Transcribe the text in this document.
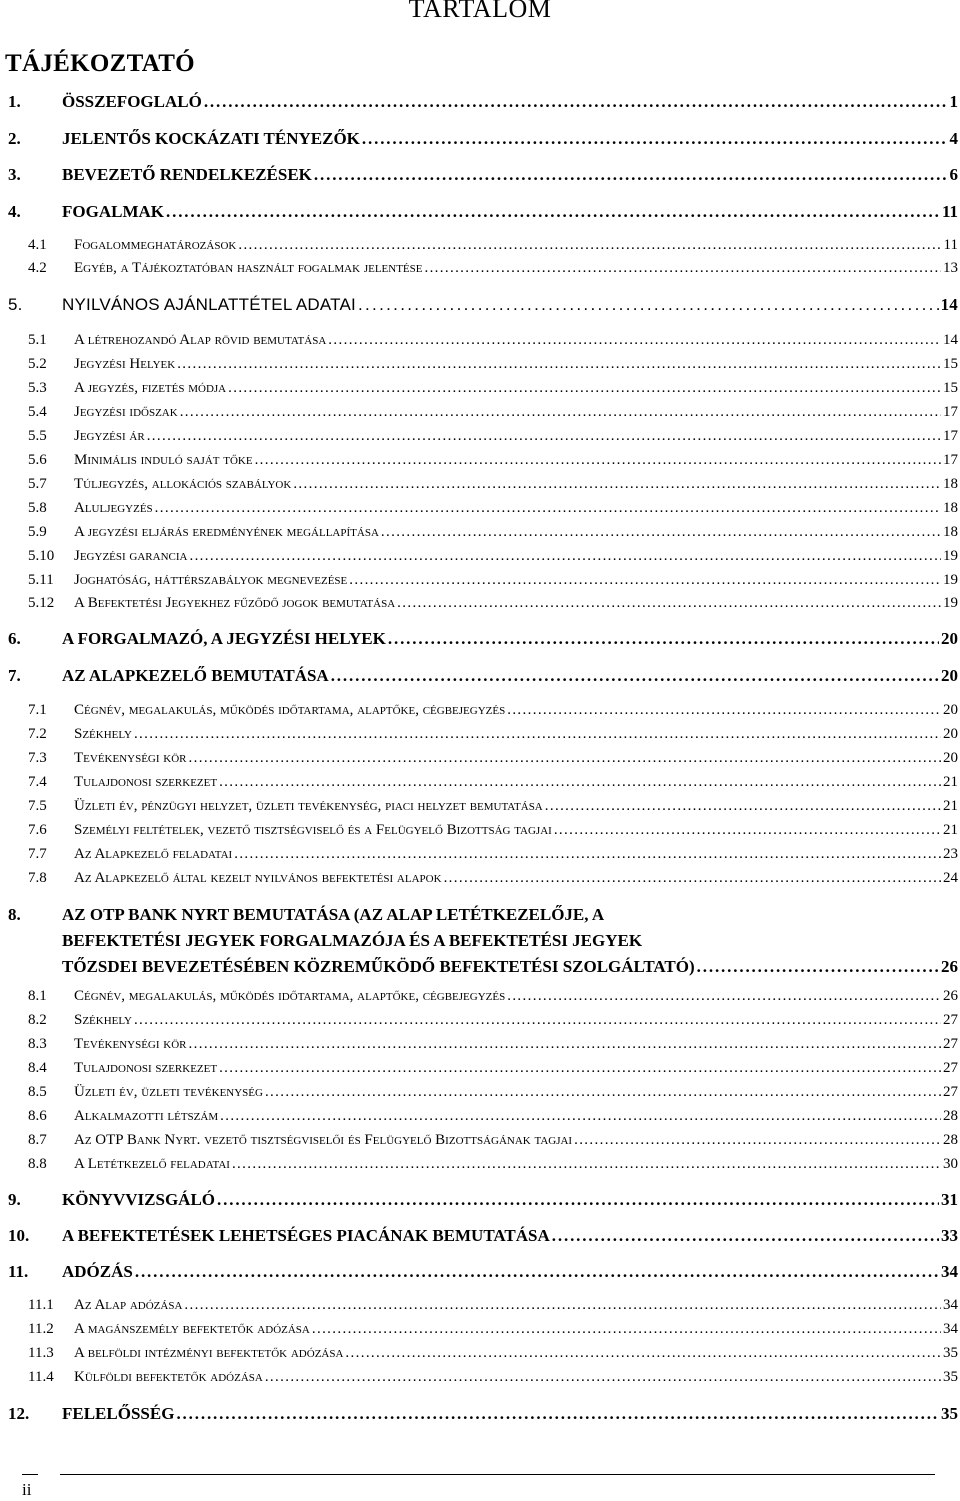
TARTALOM
TÁJÉKOZTATÓ
1.	ÖSSZEFOGLALÓ . . .	1
2.	JELENTŐS KOCKÁZATI TÉNYEZŐK . . .	4
3.	BEVEZETŐ RENDELKEZÉSEK . . .	6
4.	FOGALMAK . . .	11
4.1	Fogalommeghatározások . . .	11
4.2	Egyéb, a Tájékoztatóban használt fogalmak jelentése . . .	13
5.	NYILVÁNOS AJÁNLATTÉTEL ADATAI . . .	14
5.1	A létrehozandó Alap rövid bemutatása . . .	14
5.2	Jegyzési Helyek . . .	15
5.3	A jegyzés, fizetés módja . . .	15
5.4	Jegyzési időszak . . .	17
5.5	Jegyzési ár . . .	17
5.6	Minimális induló saját tőke . . .	17
5.7	Túljegyzés, allokációs szabályok . . .	18
5.8	Aluljegyzés . . .	18
5.9	A jegyzési eljárás eredményének megállapítása . . .	18
5.10	Jegyzési garancia . . .	19
5.11	Joghatóság, háttérszabályok megnevezése . . .	19
5.12	A Befektetési Jegyekhez fűződő jogok bemutatása . . .	19
6.	A FORGALMAZÓ, A JEGYZÉSI HELYEK . . .	20
7.	AZ ALAPKEZELŐ BEMUTATÁSA . . .	20
7.1	Cégnév, megalakulás, működés időtartama, alaptőke, cégbejegyzés . . .	20
7.2	Székhely . . .	20
7.3	Tevékenységi kör . . .	20
7.4	Tulajdonosi szerkezet . . .	21
7.5	Üzleti év, pénzügyi helyzet, üzleti tevékenység, piaci helyzet bemutatása . . .	21
7.6	Személyi feltételek, vezető tisztségviselő és a Felügyelő Bizottság tagjai . . .	21
7.7	Az Alapkezelő feladatai . . .	23
7.8	Az Alapkezelő által kezelt nyilvános befektetési alapok . . .	24
8. AZ OTP BANK NYRT BEMUTATÁSA (AZ ALAP LETÉTKEZELŐJE, A
BEFEKTETÉSI JEGYEK FORGALMAZÓJA ÉS A BEFEKTETÉSI JEGYEK
TŐZSDEI BEVEZETÉSÉBEN KÖZREMŰKÖDŐ BEFEKTETÉSI SZOLGÁLTATÓ) . . .	26
8.1	Cégnév, megalakulás, működés időtartama, alaptőke, cégbejegyzés . . .	26
8.2	Székhely . . .	27
8.3	Tevékenységi kör . . .	27
8.4	Tulajdonosi szerkezet . . .	27
8.5	Üzleti év, üzleti tevékenység . . .	27
8.6	Alkalmazotti létszám . . .	28
8.7	Az OTP Bank Nyrt. vezető tisztségviselői és Felügyelő Bizottságának tagjai . . .	28
8.8	A Letétkezelő feladatai . . .	30
9.	KÖNYVVIZSGÁLÓ . . .	31
10.	A BEFEKTETÉSEK LEHETSÉGES PIACÁNAK BEMUTATÁSA . . .	33
11.	ADÓZÁS . . .	34
11.1	Az Alap adózása . . .	34
11.2	A magánszemély befektetők adózása . . .	34
11.3	A belföldi intézményi befektetők adózása . . .	35
11.4	Külföldi befektetők adózása . . .	35
12.	FELELŐSSÉG . . .	35
ii
